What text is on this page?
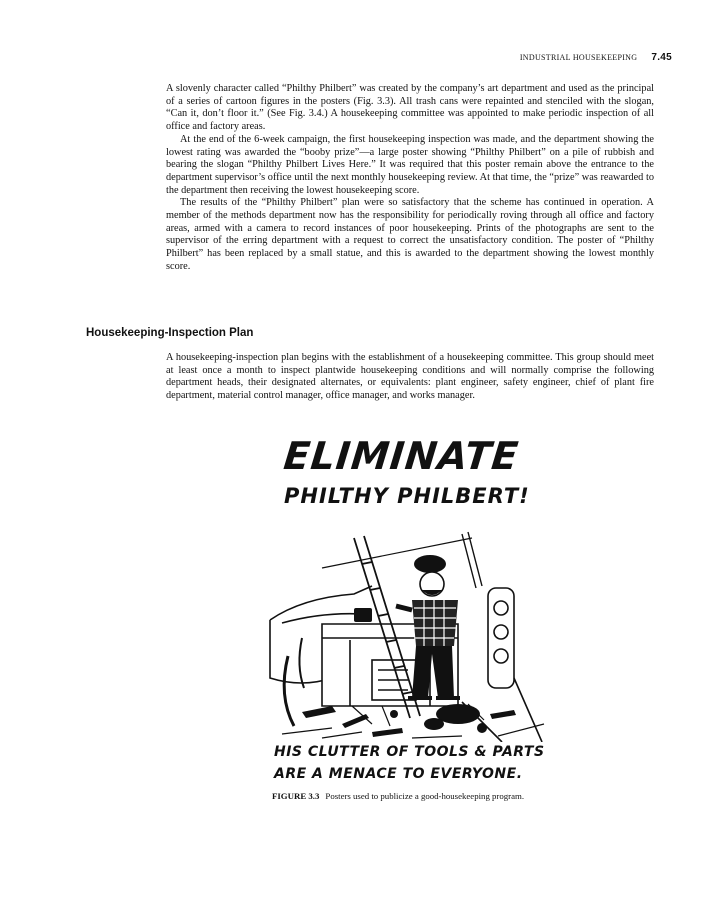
INDUSTRIAL HOUSEKEEPING 7.45

A slovenly character called “Philthy Philbert” was created by the company’s art department and used as the principal of a series of cartoon figures in the posters (Fig. 3.3). All trash cans were repainted and stenciled with the slogan, “Can it, don’t floor it.” (See Fig. 3.4.) A housekeeping committee was appointed to make periodic inspection of all office and factory areas.

At the end of the 6-week campaign, the first housekeeping inspection was made, and the department showing the lowest rating was awarded the “booby prize”—a large poster showing “Philthy Philbert” on a pile of rubbish and bearing the slogan “Philthy Philbert Lives Here.” It was required that this poster remain above the entrance to the department supervisor’s office until the next monthly housekeeping review. At that time, the “prize” was reawarded to the department then receiving the lowest housekeeping score.

The results of the “Philthy Philbert” plan were so satisfactory that the scheme has continued in operation. A member of the methods department now has the responsibility for periodically roving through all office and factory areas, armed with a camera to record instances of poor housekeeping. Prints of the photographs are sent to the supervisor of the erring department with a request to correct the unsatisfactory condition. The poster of “Philthy Philbert” has been replaced by a small statue, and this is awarded to the department showing the lowest monthly score.

Housekeeping-Inspection Plan

A housekeeping-inspection plan begins with the establishment of a housekeeping committee. This group should meet at least once a month to inspect plantwide housekeeping conditions and will normally comprise the following department heads, their designated alternates, or equivalents: plant engineer, safety engineer, chief of plant fire department, material control manager, office manager, and works manager.

ELIMINATE
PHILTHY PHILBERT!
HIS CLUTTER OF TOOLS & PARTS
ARE A MENACE TO EVERYONE.
FIGURE 3.3 Posters used to publicize a good-housekeeping program.
